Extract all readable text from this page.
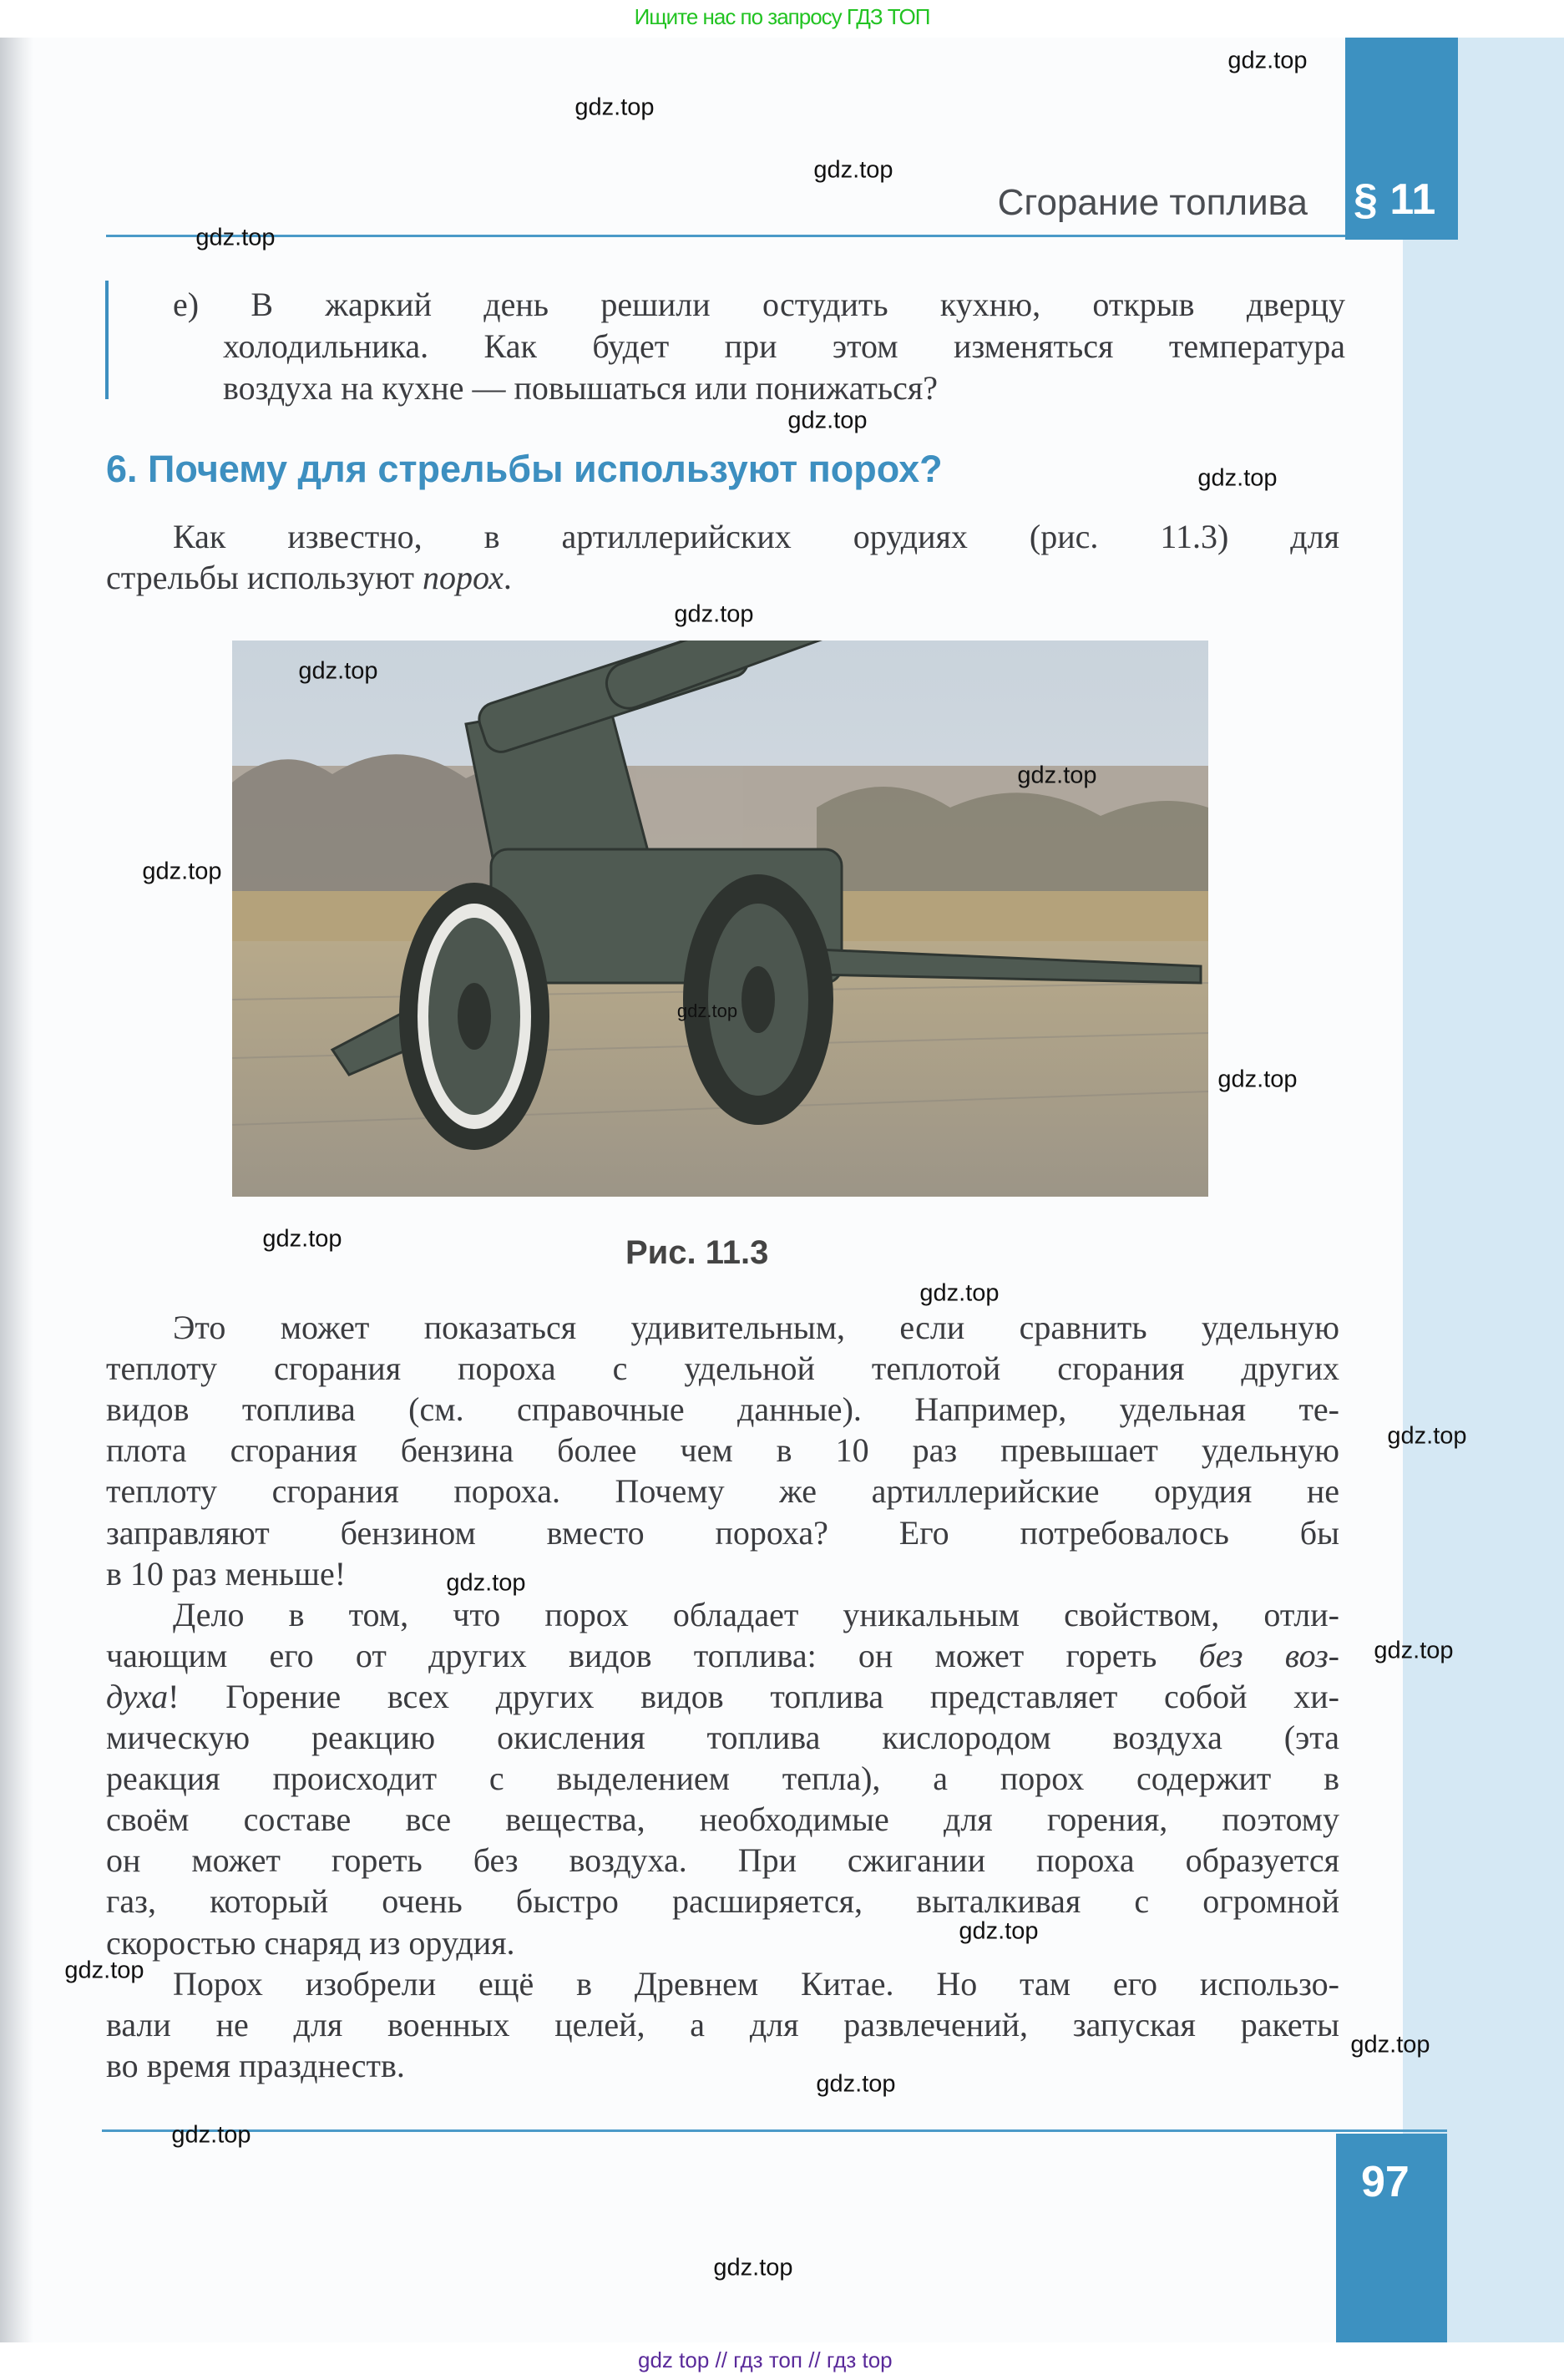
Ищите нас по запросу ГДЗ ТОП
§ 11
Сгорание топлива
6. Почему для стрельбы используют порох?
Рис. 11.3
97
gdz top // гдз топ // гдз top
gdz.top
gdz.top
gdz.top
gdz.top
gdz.top
gdz.top
gdz.top
gdz.top
gdz.top
gdz.top
gdz.top
gdz.top
gdz.top
gdz.top
gdz.top
gdz.top
gdz.top
gdz.top
gdz.top
gdz.top
gdz.top
gdz.top
gdz.top
е) В жаркий день решили остудить кухню, открыв дверцу
холодильника. Как будет при этом изменяться температура
воздуха на кухне — повышаться или понижаться?
Как известно, в артиллерийских орудиях (рис. 11.3) для
стрельбы используют порох.
Это может показаться удивительным, если сравнить удельную
теплоту сгорания пороха с удельной теплотой сгорания других
видов топлива (см. справочные данные). Например, удельная те-
плота сгорания бензина более чем в 10 раз превышает удельную
теплоту сгорания пороха. Почему же артиллерийские орудия не
заправляют бензином вместо пороха? Его потребовалось бы
в 10 раз меньше!
Дело в том, что порох обладает уникальным свойством, отли-
чающим его от других видов топлива: он может гореть без воз-
духа! Горение всех других видов топлива представляет собой хи-
мическую реакцию окисления топлива кислородом воздуха (эта
реакция происходит с выделением тепла), а порох содержит в
своём составе все вещества, необходимые для горения, поэтому
он может гореть без воздуха. При сжигании пороха образуется
газ, который очень быстро расширяется, выталкивая с огромной
скоростью снаряд из орудия.
Порох изобрели ещё в Древнем Китае. Но там его использо-
вали не для военных целей, а для развлечений, запуская ракеты
во время празднеств.
